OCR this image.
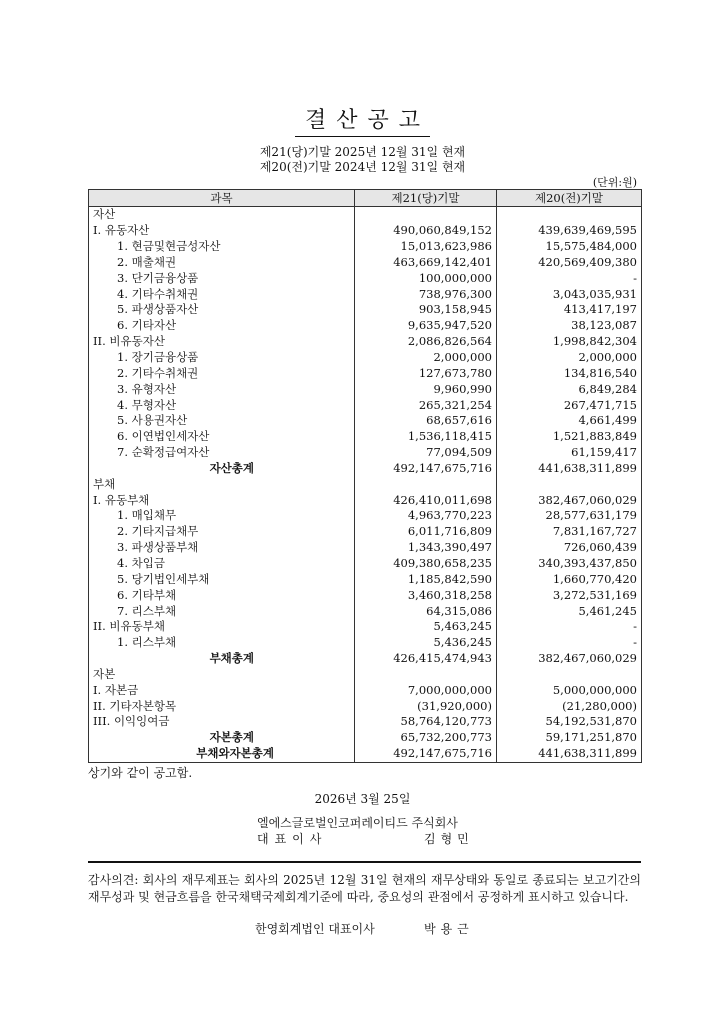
결산공고
제21(당)기말 2025년 12월 31일 현재
제20(전)기말 2024년 12월 31일 현재
(단위:원)
과목	제21(당)기말	제20(전)기말
자산		
I. 유동자산	490,060,849,152	439,639,469,595
1. 현금및현금성자산	15,013,623,986	15,575,484,000
2. 매출채권	463,669,142,401	420,569,409,380
3. 단기금융상품	100,000,000	-
4. 기타수취채권	738,976,300	3,043,035,931
5. 파생상품자산	903,158,945	413,417,197
6. 기타자산	9,635,947,520	38,123,087
II. 비유동자산	2,086,826,564	1,998,842,304
1. 장기금융상품	2,000,000	2,000,000
2. 기타수취채권	127,673,780	134,816,540
3. 유형자산	9,960,990	6,849,284
4. 무형자산	265,321,254	267,471,715
5. 사용권자산	68,657,616	4,661,499
6. 이연법인세자산	1,536,118,415	1,521,883,849
7. 순확정급여자산	77,094,509	61,159,417
자산총계	492,147,675,716	441,638,311,899
부채		
I. 유동부채	426,410,011,698	382,467,060,029
1. 매입채무	4,963,770,223	28,577,631,179
2. 기타지급채무	6,011,716,809	7,831,167,727
3. 파생상품부채	1,343,390,497	726,060,439
4. 차입금	409,380,658,235	340,393,437,850
5. 당기법인세부채	1,185,842,590	1,660,770,420
6. 기타부채	3,460,318,258	3,272,531,169
7. 리스부채	64,315,086	5,461,245
II. 비유동부채	5,463,245	-
1. 리스부채	5,436,245	-
부채총계	426,415,474,943	382,467,060,029
자본		
I. 자본금	7,000,000,000	5,000,000,000
II. 기타자본항목	(31,920,000)	(21,280,000)
III. 이익잉여금	58,764,120,773	54,192,531,870
자본총계	65,732,200,773	59,171,251,870
부채와자본총계	492,147,675,716	441,638,311,899
상기와 같이 공고함.
2026년 3월 25일
엘에스글로벌인코퍼레이티드 주식회사
대표이사	김형민
감사의견: 회사의 재무제표는 회사의 2025년 12월 31일 현재의 재무상태와 동일로 종료되는 보고기간의 재무성과 및 현금흐름을 한국채택국제회계기준에 따라, 중요성의 관점에서 공정하게 표시하고 있습니다.
한영회계법인 대표이사	박용근
